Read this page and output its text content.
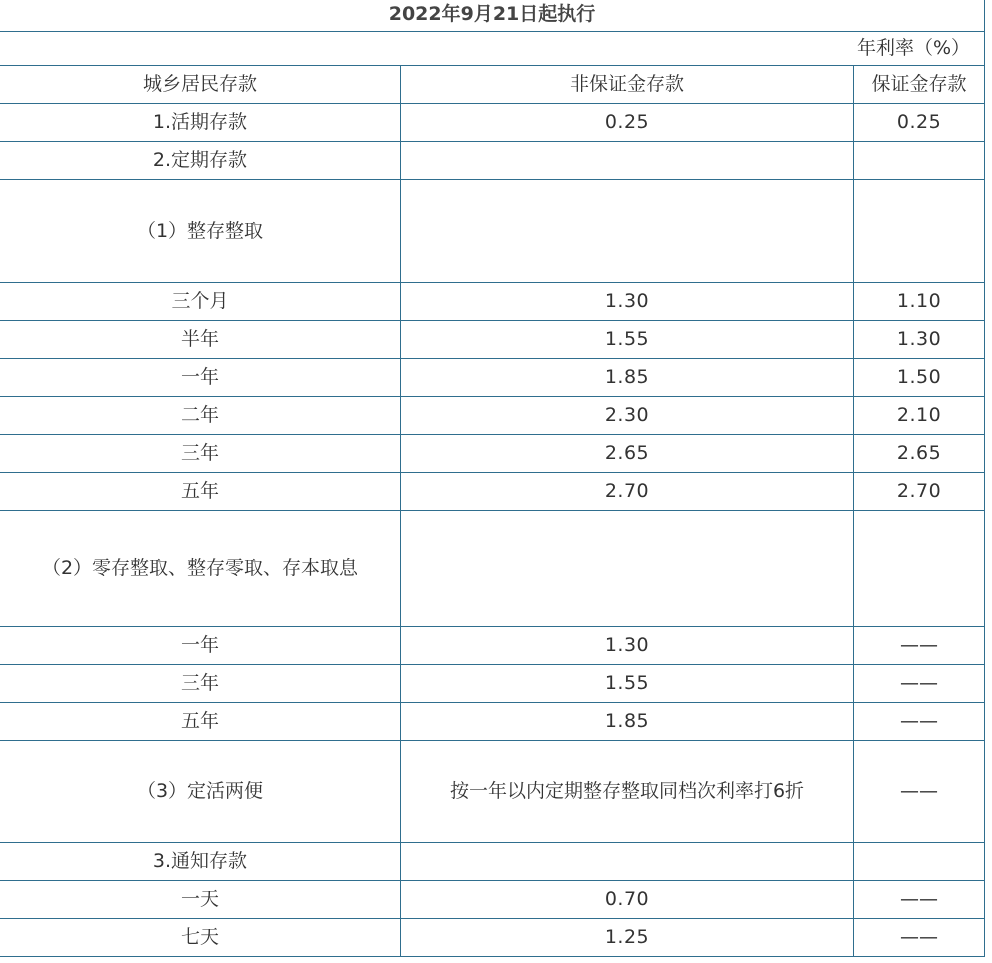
2022年9月21日起执行		
年利率（%）		
城乡居民存款	非保证金存款	保证金存款
1.活期存款	0.25	0.25
2.定期存款		
（1）整存整取		
三个月	1.30	1.10
半年	1.55	1.30
一年	1.85	1.50
二年	2.30	2.10
三年	2.65	2.65
五年	2.70	2.70
（2）零存整取、整存零取、存本取息		
一年	1.30	——
三年	1.55	——
五年	1.85	——
（3）定活两便	按一年以内定期整存整取同档次利率打6折	——
3.通知存款		
一天	0.70	——
七天	1.25	——
